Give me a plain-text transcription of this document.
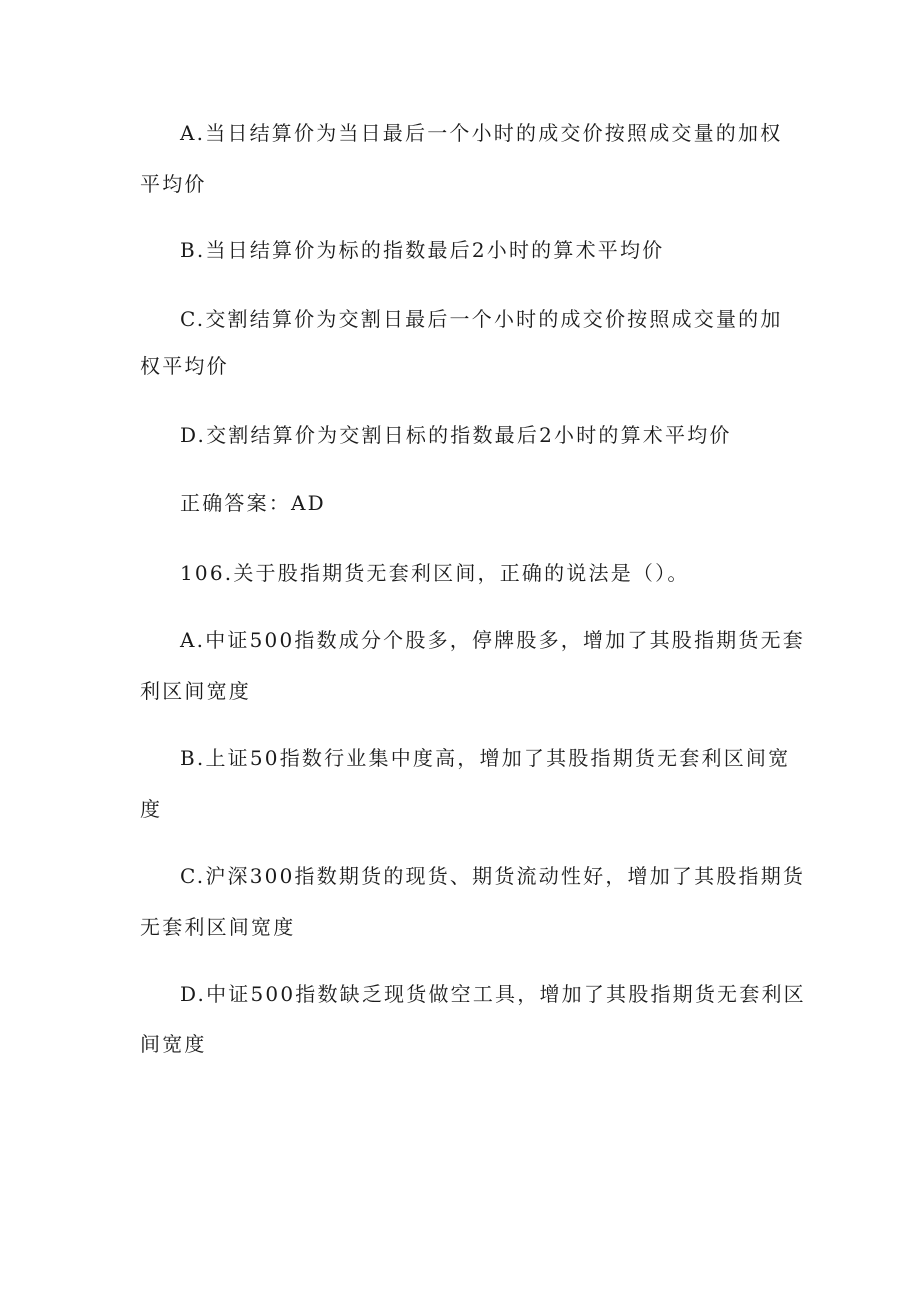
A.当日结算价为当日最后一个小时的成交价按照成交量的加权
平均价
B.当日结算价为标的指数最后2小时的算术平均价
C.交割结算价为交割日最后一个小时的成交价按照成交量的加
权平均价
D.交割结算价为交割日标的指数最后2小时的算术平均价
正确答案：AD
106.关于股指期货无套利区间，正确的说法是（）。
A.中证500指数成分个股多，停牌股多，增加了其股指期货无套
利区间宽度
B.上证50指数行业集中度高，增加了其股指期货无套利区间宽
度
C.沪深300指数期货的现货、期货流动性好，增加了其股指期货
无套利区间宽度
D.中证500指数缺乏现货做空工具，增加了其股指期货无套利区
间宽度
